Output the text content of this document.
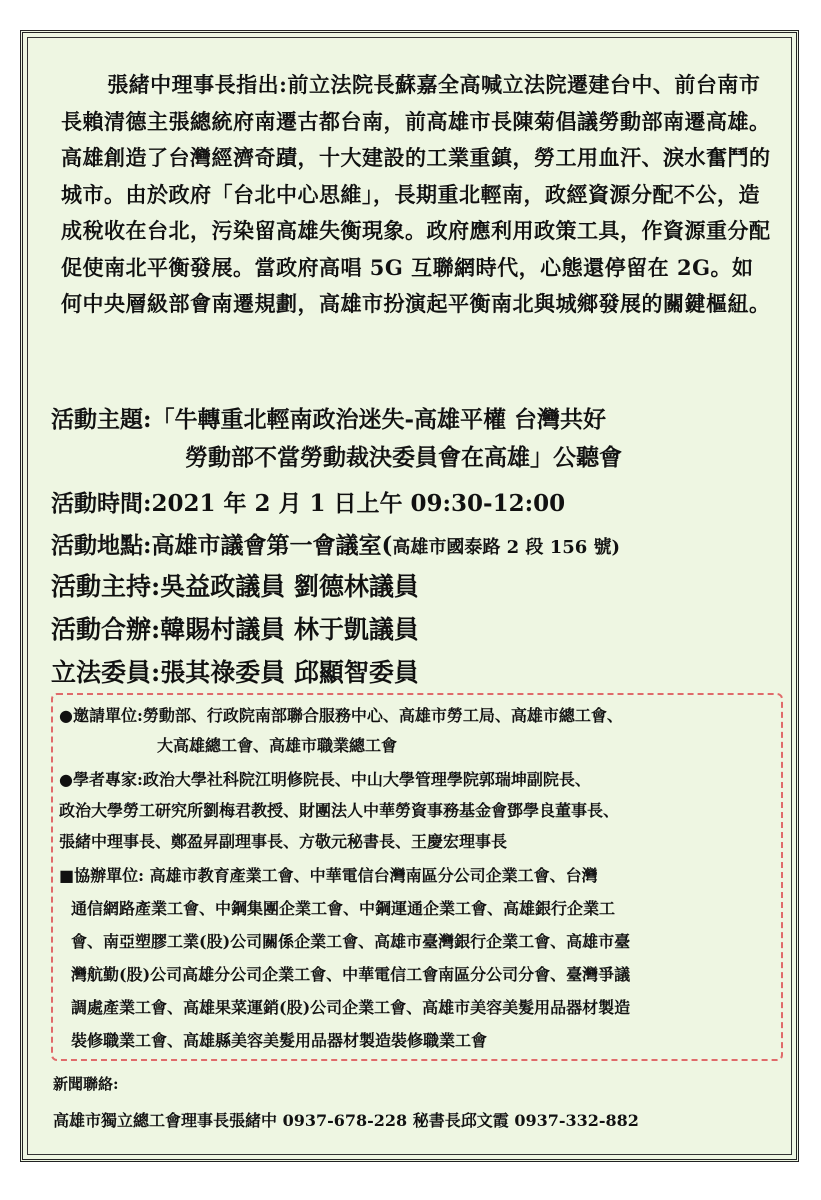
張緒中理事長指出:前立法院長蘇嘉全高喊立法院遷建台中、前台南市長賴清德主張總統府南遷古都台南，前高雄市長陳菊倡議勞動部南遷高雄。高雄創造了台灣經濟奇蹟，十大建設的工業重鎮，勞工用血汗、淚水奮鬥的城市。由於政府「台北中心思維」，長期重北輕南，政經資源分配不公，造成稅收在台北，污染留高雄失衡現象。政府應利用政策工具，作資源重分配 促使南北平衡發展。當政府高唱 5G 互聯網時代，心態還停留在 2G。如何中央層級部會南遷規劃，高雄市扮演起平衡南北與城鄉發展的關鍵樞紐。

活動主題:「牛轉重北輕南政治迷失-高雄平權 台灣共好
勞動部不當勞動裁決委員會在高雄」公聽會
活動時間:2021 年 2 月 1 日上午 09:30-12:00
活動地點:高雄市議會第一會議室(高雄市國泰路 2 段 156 號)
活動主持:吳益政議員 劉德林議員
活動合辦:韓賜村議員 林于凱議員
立法委員:張其祿委員 邱顯智委員
●邀請單位:勞動部、行政院南部聯合服務中心、高雄市勞工局、高雄市總工會、
大高雄總工會、高雄市職業總工會
●學者專家:政治大學社科院江明修院長、中山大學管理學院郭瑞坤副院長、
政治大學勞工研究所劉梅君教授、財團法人中華勞資事務基金會鄧學良董事長、
張緒中理事長、鄭盈昇副理事長、方敬元秘書長、王慶宏理事長
■協辦單位: 高雄市教育產業工會、中華電信台灣南區分公司企業工會、台灣
通信網路產業工會、中鋼集團企業工會、中鋼運通企業工會、高雄銀行企業工
會、南亞塑膠工業(股)公司關係企業工會、高雄市臺灣銀行企業工會、高雄市臺
灣航勤(股)公司高雄分公司企業工會、中華電信工會南區分公司分會、臺灣爭議
調處產業工會、高雄果菜運銷(股)公司企業工會、高雄市美容美髮用品器材製造
裝修職業工會、高雄縣美容美髮用品器材製造裝修職業工會
新聞聯絡:
高雄市獨立總工會理事長張緒中 0937-678-228 秘書長邱文霞 0937-332-882
